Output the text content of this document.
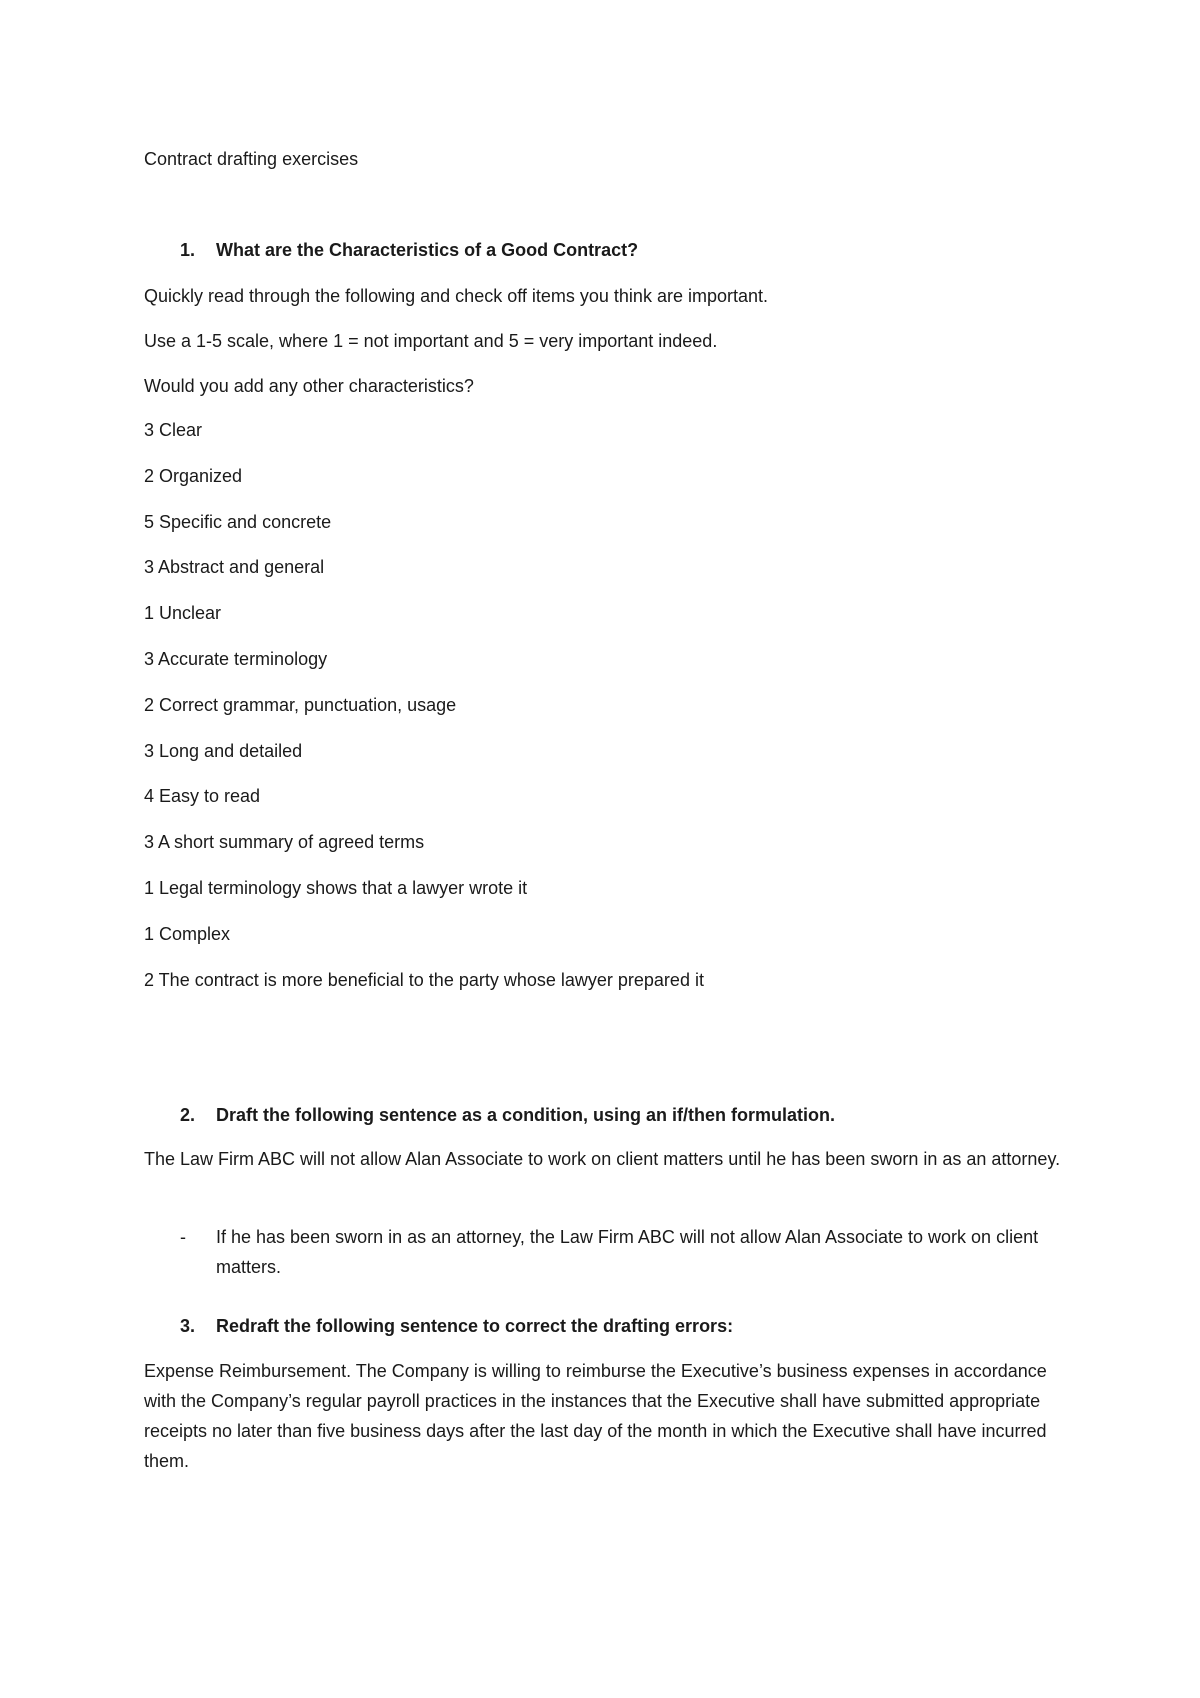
Contract drafting exercises
1. What are the Characteristics of a Good Contract?
Quickly read through the following and check off items you think are important.
Use a 1-5 scale, where 1 = not important and 5 = very important indeed.
Would you add any other characteristics?
3 Clear
2 Organized
5 Specific and concrete
3 Abstract and general
1 Unclear
3 Accurate terminology
2 Correct grammar, punctuation, usage
3 Long and detailed
4 Easy to read
3 A short summary of agreed terms
1 Legal terminology shows that a lawyer wrote it
1 Complex
2 The contract is more beneficial to the party whose lawyer prepared it
2. Draft the following sentence as a condition, using an if/then formulation.
The Law Firm ABC will not allow Alan Associate to work on client matters until he has been sworn in as an attorney.
- If he has been sworn in as an attorney, the Law Firm ABC will not allow Alan Associate to work on client matters.
3. Redraft the following sentence to correct the drafting errors:
Expense Reimbursement. The Company is willing to reimburse the Executive’s business expenses in accordance with the Company’s regular payroll practices in the instances that the Executive shall have submitted appropriate receipts no later than five business days after the last day of the month in which the Executive shall have incurred them.
